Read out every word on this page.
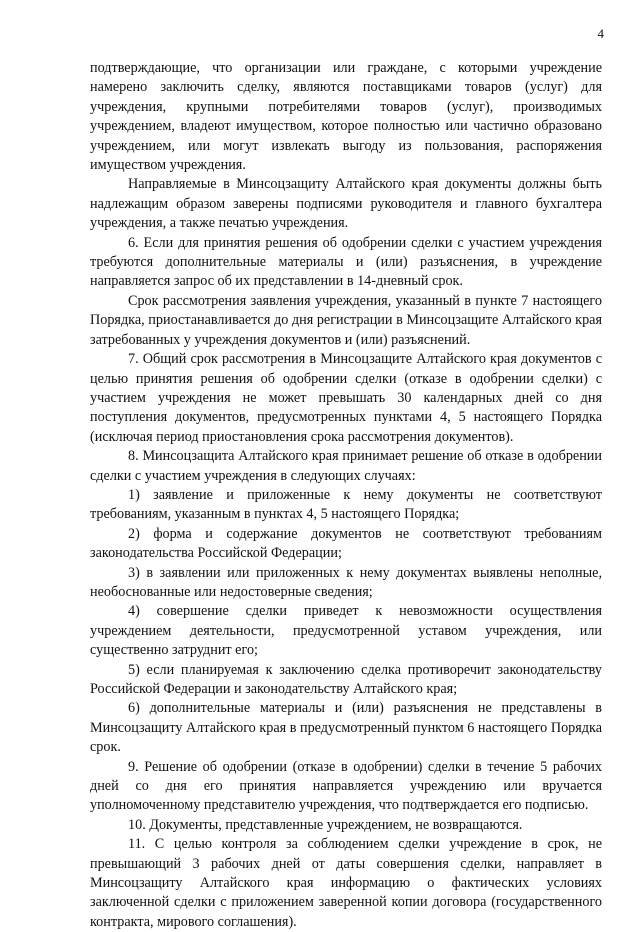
4

подтверждающие, что организации или граждане, с которыми учреждение намерено заключить сделку, являются поставщиками товаров (услуг) для учреждения, крупными потребителями товаров (услуг), производимых учреждением, владеют имуществом, которое полностью или частично образовано учреждением, или могут извлекать выгоду из пользования, распоряжения имуществом учреждения.

Направляемые в Минсоцзащиту Алтайского края документы должны быть надлежащим образом заверены подписями руководителя и главного бухгалтера учреждения, а также печатью учреждения.

6. Если для принятия решения об одобрении сделки с участием учреждения требуются дополнительные материалы и (или) разъяснения, в учреждение направляется запрос об их представлении в 14-дневный срок.

Срок рассмотрения заявления учреждения, указанный в пункте 7 настоящего Порядка, приостанавливается до дня регистрации в Минсоцзащите Алтайского края затребованных у учреждения документов и (или) разъяснений.

7. Общий срок рассмотрения в Минсоцзащите Алтайского края документов с целью принятия решения об одобрении сделки (отказе в одобрении сделки) с участием учреждения не может превышать 30 календарных дней со дня поступления документов, предусмотренных пунктами 4, 5 настоящего Порядка (исключая период приостановления срока рассмотрения документов).

8. Минсоцзащита Алтайского края принимает решение об отказе в одобрении сделки с участием учреждения в следующих случаях:

1) заявление и приложенные к нему документы не соответствуют требованиям, указанным в пунктах 4, 5 настоящего Порядка;

2) форма и содержание документов не соответствуют требованиям законодательства Российской Федерации;

3) в заявлении или приложенных к нему документах выявлены неполные, необоснованные или недостоверные сведения;

4) совершение сделки приведет к невозможности осуществления учреждением деятельности, предусмотренной уставом учреждения, или существенно затруднит его;

5) если планируемая к заключению сделка противоречит законодательству Российской Федерации и законодательству Алтайского края;

6) дополнительные материалы и (или) разъяснения не представлены в Минсоцзащиту Алтайского края в предусмотренный пунктом 6 настоящего Порядка срок.

9. Решение об одобрении (отказе в одобрении) сделки в течение 5 рабочих дней со дня его принятия направляется учреждению или вручается уполномоченному представителю учреждения, что подтверждается его подписью.

10. Документы, представленные учреждением, не возвращаются.

11. С целью контроля за соблюдением сделки учреждение в срок, не превышающий 3 рабочих дней от даты совершения сделки, направляет в Минсоцзащиту Алтайского края информацию о фактических условиях заключенной сделки с приложением заверенной копии договора (государственного контракта, мирового соглашения).
